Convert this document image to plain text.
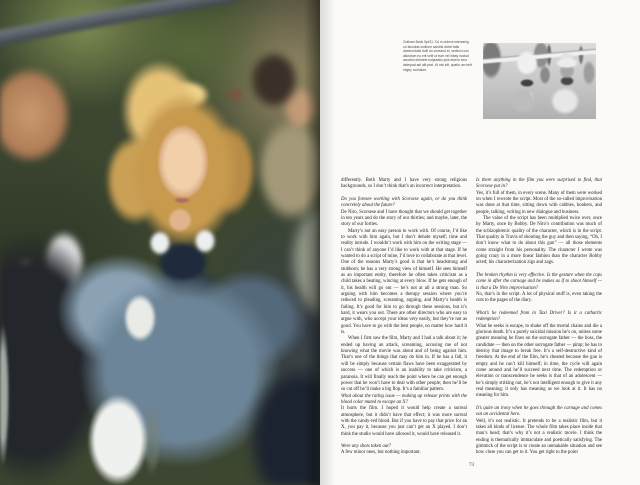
Gotham Book 9pt/11. Cd in ordens interesing ou faccolas icolbum sandits dictet tatis dummodolat dolit do consecd et, sectioni con aliustrum eu erit velit ut eum vel iribay noclud acustrio doloreet nulputatio quis etuero zero delequat aut alit prat. Ut nisi elit, quatio um heft mighy conlutum.

differently. Both Marty and I have very strong religious backgrounds, so I don’t think that’s an incorrect interpretation.

Do you foresee working with Scorsese again, or do you think concretely about the future?

De Niro, Scorsese and I have thought that we should get together in ten years and do the story of our thirties; and maybe, later, the story of our forties.

Marty’s not an easy person to work with. Of course, I’d like to work with him again, but I don’t delude myself; time and reality intrude. I wouldn’t work with him on the writing stage — I can’t think of anyone I’d like to work with at that stage. If he wanted to do a script of mine, I’d love to collaborate at that level. One of the reasons Marty’s good is that he’s headstrong and stubborn; he has a very strong view of himself. He sees himself as an important entity, therefore he often takes criticism as a child takes a beating, wincing at every blow. If he gets enough of it, his health will go out — he’s not at all a strong man. So arguing with him becomes a therapy session where you’re reduced to pleading, screaming, arguing, and Marty’s health is failing. It’s good for him to go through these sessions, but it’s hard, it wears you out. There are other directors who are easy to argue with, who accept your ideas very easily, but they’re not as good. You have to go with the best people, no matter how hard it is.

When I first saw the film, Marty and I had a talk about it; he ended up having an attack, screaming, accusing me of not knowing what the movie was about and of being against him. That’s one of the things that may do him in. If he has a fall, it will be simply because certain flaws have been exaggerated by success — one of which is an inability to take criticism, a paranoia. It will finally reach the point where he can get enough power that he won’t have to deal with other people; then he’ll be so cut off he’ll make a big flop. It’s a familiar pattern.

What about the rating issue — making up release prints with the blood color muted to escape an X?

It hurts the film. I hoped it would help create a surreal atmosphere, but it didn’t have that effect; it was more surreal with the candy-red blood. But if you have to pay that price for an X, you pay it, because you just can’t get an X played. I don’t think the studio would have allowed it, would have released it.

Were any shots taken out?

A few minor ones, but nothing important.

Is there anything in the film you were surprised to find, that Scorsese put in?

Yes, it’s full of them, in every scene. Many of them were worked on when I rewrote the script. Most of the so-called improvisation was done at that time, sitting down with cabbies, hookers, and people, talking, writing in new dialogue and business.

The value of the script has been multiplied twice over, once by Marty, once by Bobby. De Niro’s contribution was much of the schizophrenic quality of the character, which is in the script. That quality in Travis of shooting the guy and then saying, “Oh, I don’t know what to do about this gun” — all those elements come straight from his personality. The character I wrote was going crazy in a more linear fashion than the character Bobby acted; his characterization zigs and zags.

The broken rhythm is very effective. Is the gesture when the cops come in after the carnage and he makes as if to shoot himself — is that a De Niro improvisation?

No, that’s in the script. A lot of physical stuff is, even taking the cuts to the pages of the diary.

What’s he redeemed from in Taxi Driver? Is it a cathartic redemption?

What he seeks is escape, to shake off the mortal chains and die a glorious death. It’s a purely suicidal mission he’s on, unless some greater meaning he fixes on the surrogate father — the boss, the candidate — then on the other surrogate father — pimp; he has to destroy that image to break free. It’s a self-destructive kind of freedom. At the end of the film, he’s cheated because the gun is empty and he can’t kill himself; in time, the cycle will again come around and he’ll succeed next time. The redemption or elevation or transcendence he seeks is that of an adolescent — he’s simply striking out, he’s not intelligent enough to give it any real meaning; it only has meaning as we look at it. It has no meaning for him.

It’s quite an irony when he goes through the carnage and comes out an accidental hero.

Well, it’s not realistic. It pretends to be a realistic film, but it takes all kinds of license. The whole film takes place inside that man’s head; that’s why it’s not a realistic movie. I think the ending is thematically immaculate and poetically satisfying. The gimmick of the script is to create an unmakable situation and see how close you can get to it. You get right to the point

73
